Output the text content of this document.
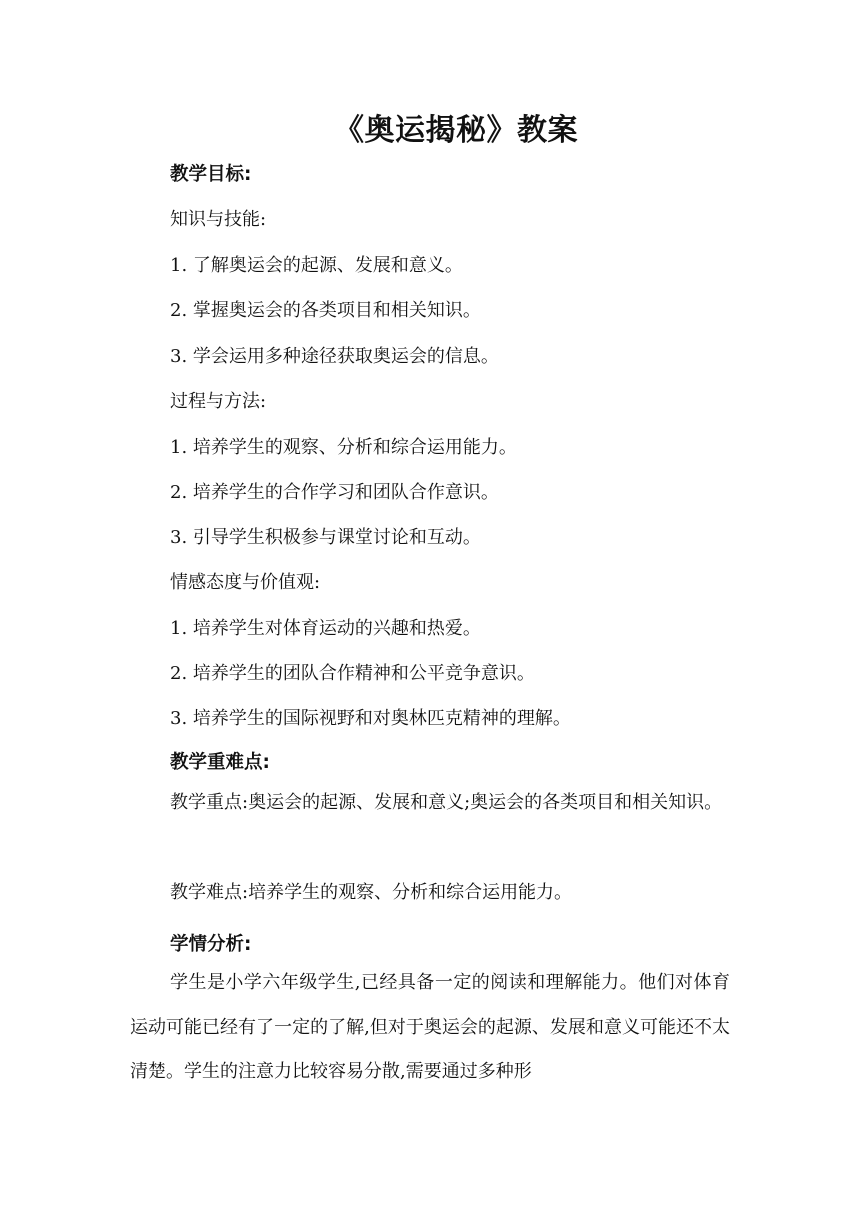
《奥运揭秘》教案
教学目标:
知识与技能:
1. 了解奥运会的起源、发展和意义。
2. 掌握奥运会的各类项目和相关知识。
3. 学会运用多种途径获取奥运会的信息。
过程与方法:
1. 培养学生的观察、分析和综合运用能力。
2. 培养学生的合作学习和团队合作意识。
3. 引导学生积极参与课堂讨论和互动。
情感态度与价值观:
1. 培养学生对体育运动的兴趣和热爱。
2. 培养学生的团队合作精神和公平竞争意识。
3. 培养学生的国际视野和对奥林匹克精神的理解。
教学重难点:
教学重点:奥运会的起源、发展和意义;奥运会的各类项目和相关知识。
教学难点:培养学生的观察、分析和综合运用能力。
学情分析:
学生是小学六年级学生,已经具备一定的阅读和理解能力。他们对体育运动可能已经有了一定的了解,但对于奥运会的起源、发展和意义可能还不太清楚。学生的注意力比较容易分散,需要通过多种形
